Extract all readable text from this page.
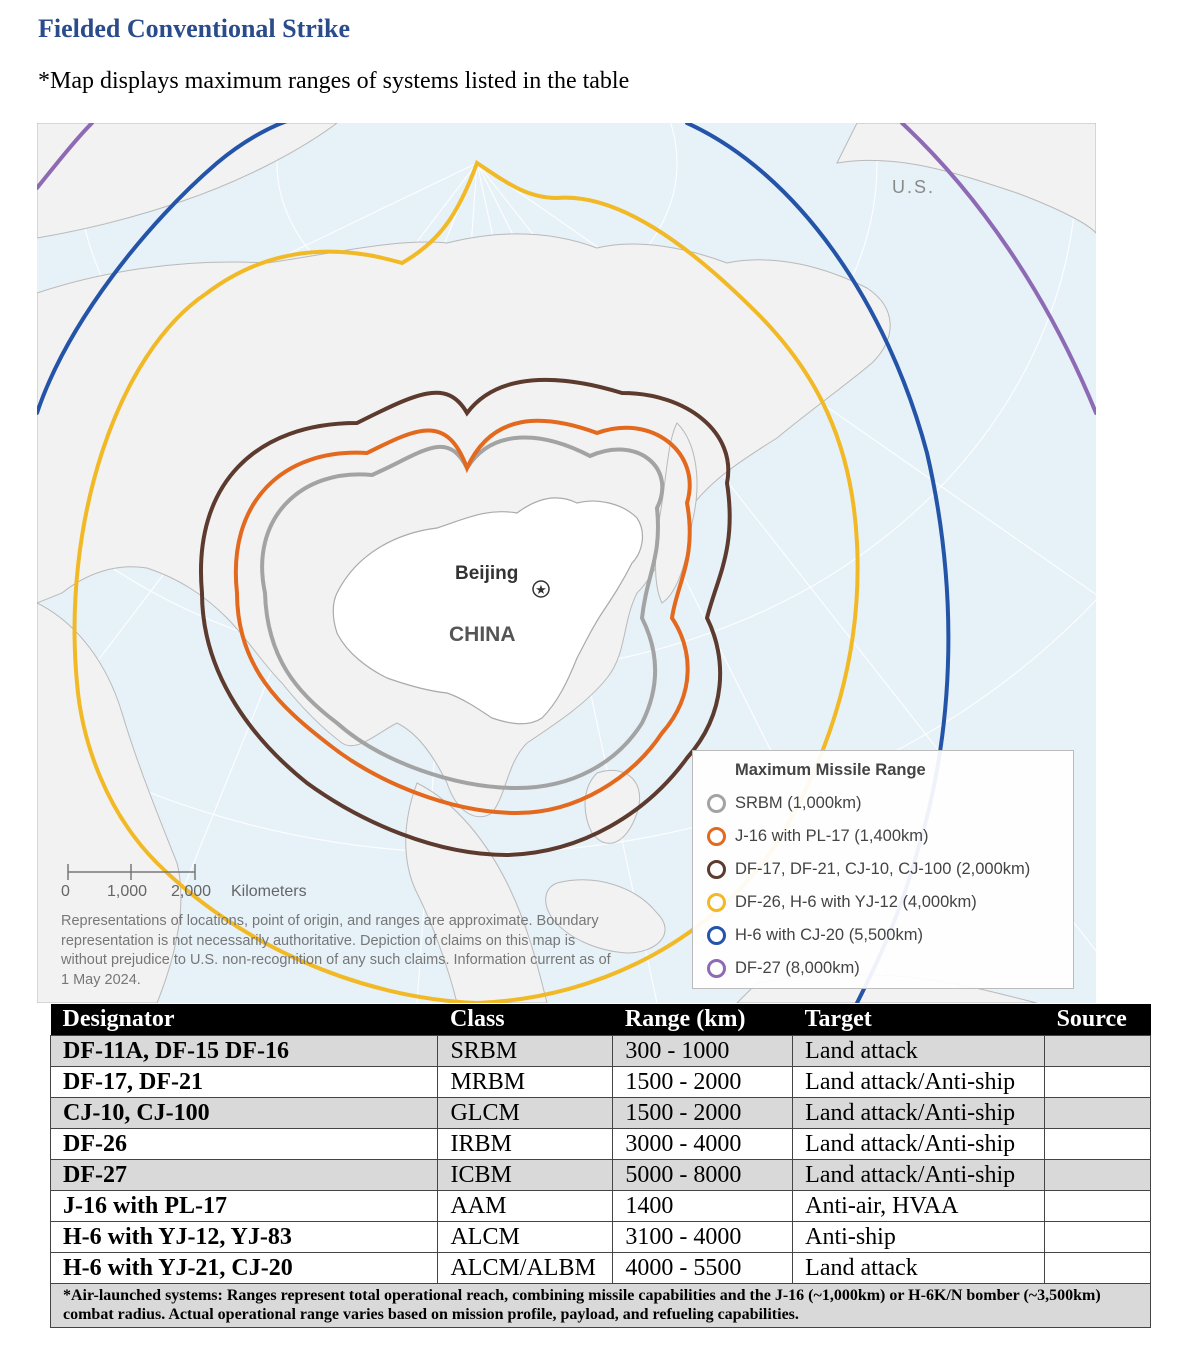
Fielded Conventional Strike
*Map displays maximum ranges of systems listed in the table
★
Beijing
CHINA
U.S.
0 1,000 2,000 Kilometers
Representations of locations, point of origin, and ranges are approximate. Boundary representation is not necessarily authoritative. Depiction of claims on this map is without prejudice to U.S. non-recognition of any such claims. Information current as of 1 May 2024.
Maximum Missile Range
SRBM (1,000km)
J-16 with PL-17 (1,400km)
DF-17, DF-21, CJ-10, CJ-100 (2,000km)
DF-26, H-6 with YJ-12 (4,000km)
H-6 with CJ-20 (5,500km)
DF-27 (8,000km)
Designator	Class	Range (km)	Target	Source
DF-11A, DF-15 DF-16	SRBM	300 - 1000	Land attack	
DF-17, DF-21	MRBM	1500 - 2000	Land attack/Anti-ship	
CJ-10, CJ-100	GLCM	1500 - 2000	Land attack/Anti-ship	
DF-26	IRBM	3000 - 4000	Land attack/Anti-ship	
DF-27	ICBM	5000 - 8000	Land attack/Anti-ship	
J-16 with PL-17	AAM	1400	Anti-air, HVAA	
H-6 with YJ-12, YJ-83	ALCM	3100 - 4000	Anti-ship	
H-6 with YJ-21, CJ-20	ALCM/ALBM	4000 - 5500	Land attack	
*Air-launched systems: Ranges represent total operational reach, combining missile capabilities and the J-16 (~1,000km) or H-6K/N bomber (~3,500km) combat radius. Actual operational range varies based on mission profile, payload, and refueling capabilities.				
